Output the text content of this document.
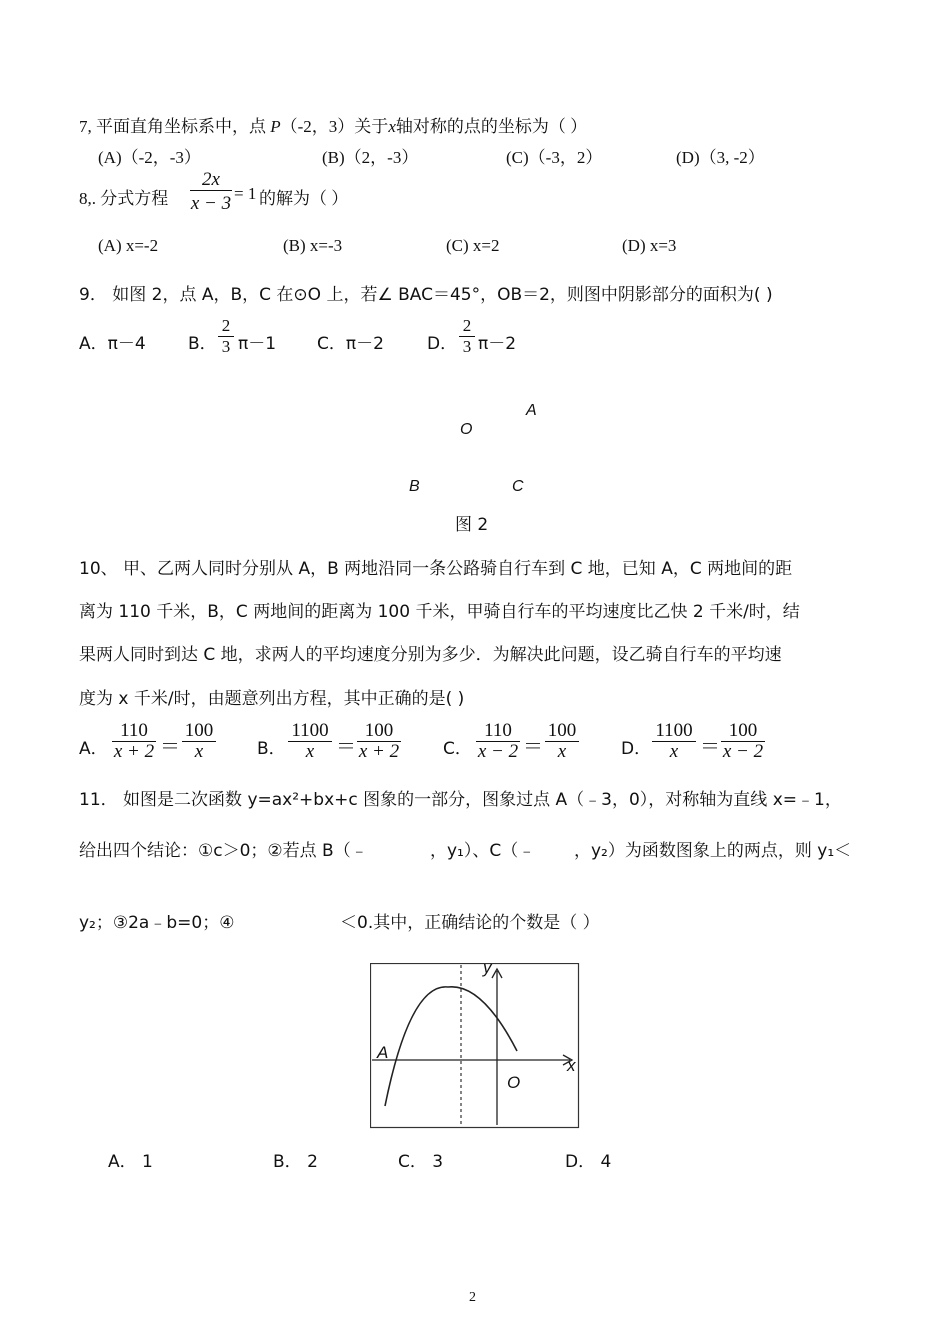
7, 平面直角坐标系中，点 P（-2，3）关于x轴对称的点的坐标为（ ）
(A)（-2，-3）	(B)（2，-3）	(C)（-3，2）	(D)（3, -2）
8,. 分式方程 $\frac{2x}{x - 3} = 1$ 的解为（ ）
(A) x=-2	(B) x=-3	(C) x=2	(D) x=3
9． 如图 2，点 A，B，C 在⊙O 上，若∠ BAC＝45°，OB＝2，则图中阴影部分的面积为( )
A．π－4 B． $\frac{2}{3} \pi-1$ C．π－2	D． $\frac{2}{3} \pi-2$
A
O
B	C
图 2
10、 甲、乙两人同时分别从 A，B 两地沿同一条公路骑自行车到 C 地，已知 A，C 两地间的距
离为 110 千米，B，C 两地间的距离为 100 千米，甲骑自行车的平均速度比乙快 2 千米/时，结
果两人同时到达 C 地，求两人的平均速度分别为多少．为解决此问题，设乙骑自行车的平均速
度为 x 千米/时，由题意列出方程，其中正确的是( )
A． $\frac{110}{x + 2} = \frac{100}{x}$ B． $\frac{1100}{x} = \frac{100}{x + 2}$ C． $\frac{110}{x - 2} = \frac{100}{x}$ D． $\frac{1100}{x} = \frac{100}{x - 2}$
11． 如图是二次函数 y=ax²+bx+c 图象的一部分，图象过点 A（﹣3，0），对称轴为直线 x=﹣1，
给出四个结论：①c＞0；②若点 B（﹣	，y₁）、C（﹣ ，y₂）为函数图象上的两点，则 y₁＜
y₂；③2a﹣b=0；④	＜0.其中，正确结论的个数是（ ）
y
x
A
O
A． 1	B． 2	C． 3	D． 4
2
